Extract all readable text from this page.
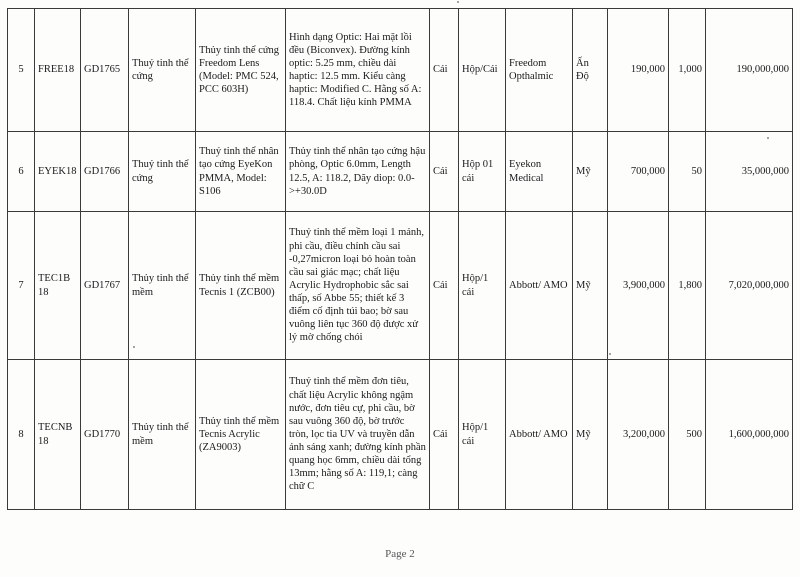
5	FREE18	GD1765	Thuỷ tinh thể cứng	Thủy tinh thể cứng Freedom Lens (Model: PMC 524, PCC 603H)	Hình dạng Optic: Hai mặt lồi đều (Biconvex). Đường kính optic: 5.25 mm, chiều dài haptic: 12.5 mm. Kiểu càng haptic: Modified C. Hằng số A: 118.4. Chất liệu kính PMMA	Cái	Hộp/Cái	Freedom Opthalmic	Ấn Độ	190,000	1,000	190,000,000
6	EYEK18	GD1766	Thuỷ tinh thể cứng	Thuỷ tinh thể nhân tạo cứng EyeKon PMMA, Model: S106	Thủy tinh thể nhân tạo cứng hậu phòng, Optic 6.0mm, Length 12.5, A: 118.2, Dãy diop: 0.0->+30.0D	Cái	Hộp 01 cái	Eyekon Medical	Mỹ	700,000	50	35,000,000
7	TEC1B 18	GD1767	Thủy tinh thể mềm	Thủy tinh thể mềm Tecnis 1 (ZCB00)	Thuỷ tinh thể mềm loại 1 mảnh, phi cầu, điều chỉnh cầu sai -0,27micron loại bỏ hoàn toàn cầu sai giác mạc; chất liệu Acrylic Hydrophobic sắc sai thấp, số Abbe 55; thiết kế 3 điểm cố định túi bao; bờ sau vuông liên tục 360 độ được xử lý mờ chống chói	Cái	Hộp/1 cái	Abbott/ AMO	Mỹ	3,900,000	1,800	7,020,000,000
8	TECNB 18	GD1770	Thủy tinh thể mềm	Thủy tinh thể mềm Tecnis Acrylic (ZA9003)	Thuỷ tinh thể mềm đơn tiêu, chất liệu Acrylic không ngậm nước, đơn tiêu cự, phi cầu, bờ sau vuông 360 độ, bờ trước tròn, lọc tia UV và truyền dẫn ánh sáng xanh; đường kính phần quang học 6mm, chiều dài tổng 13mm; hằng số A: 119,1; càng chữ C	Cái	Hộp/1 cái	Abbott/ AMO	Mỹ	3,200,000	500	1,600,000,000
Page 2
